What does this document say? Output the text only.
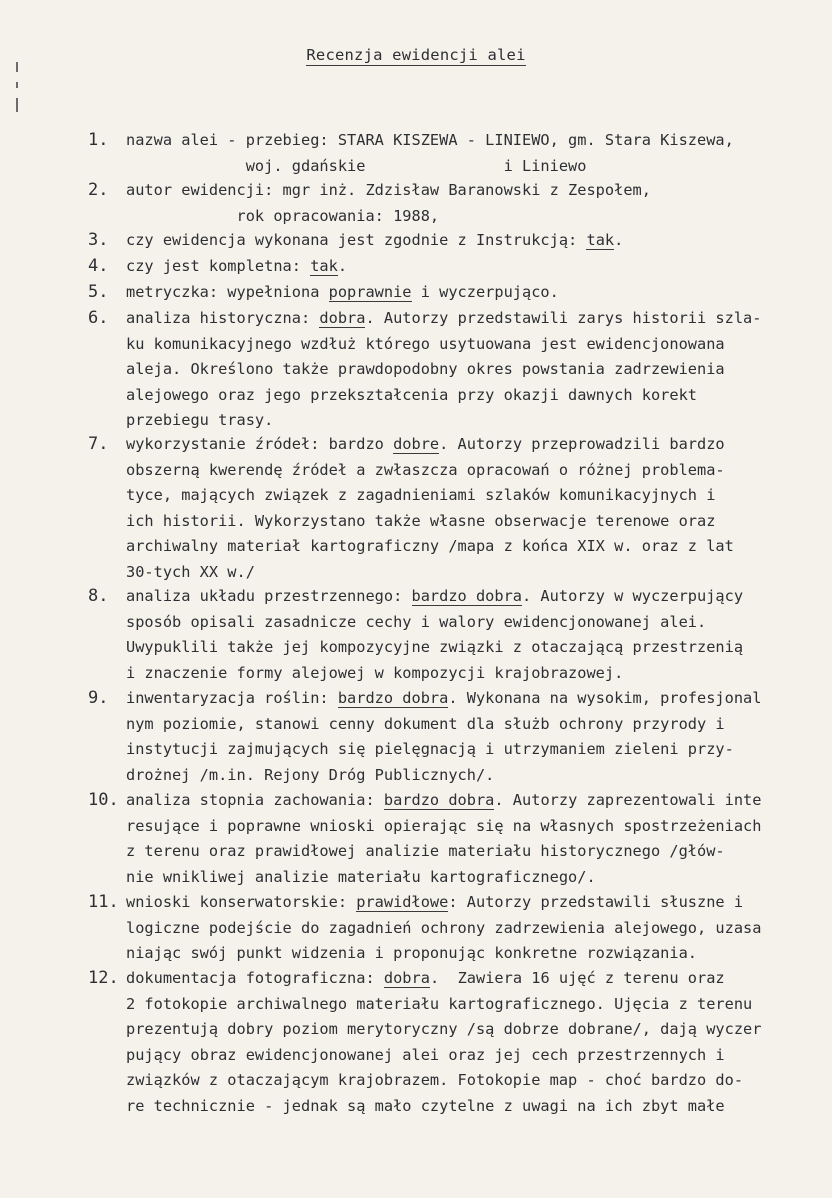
Recenzja ewidencji alei
1.	nazwa alei - przebieg: STARA KISZEWA - LINIEWO, gm. Stara Kiszewa,
woj. gdańskie               i Liniewo
2.	autor ewidencji: mgr inż. Zdzisław Baranowski z Zespołem,
rok opracowania: 1988,
3.	czy ewidencja wykonana jest zgodnie z Instrukcją: tak.
4.	czy jest kompletna: tak.
5.	metryczka: wypełniona poprawnie i wyczerpująco.
6.	analiza historyczna: dobra. Autorzy przedstawili zarys historii szla-
ku komunikacyjnego wzdłuż którego usytuowana jest ewidencjonowana
aleja. Określono także prawdopodobny okres powstania zadrzewienia
alejowego oraz jego przekształcenia przy okazji dawnych korekt
przebiegu trasy.
7.	wykorzystanie źródeł: bardzo dobre. Autorzy przeprowadzili bardzo
obszerną kwerendę źródeł a zwłaszcza opracowań o różnej problema-
tyce, mających związek z zagadnieniami szlaków komunikacyjnych i
ich historii. Wykorzystano także własne obserwacje terenowe oraz
archiwalny materiał kartograficzny /mapa z końca XIX w. oraz z lat
30-tych XX w./
8.	analiza układu przestrzennego: bardzo dobra. Autorzy w wyczerpujący
sposób opisali zasadnicze cechy i walory ewidencjonowanej alei.
Uwypuklili także jej kompozycyjne związki z otaczającą przestrzenią
i znaczenie formy alejowej w kompozycji krajobrazowej.
9.	inwentaryzacja roślin: bardzo dobra. Wykonana na wysokim, profesjonal
nym poziomie, stanowi cenny dokument dla służb ochrony przyrody i
instytucji zajmujących się pielęgnacją i utrzymaniem zieleni przy-
drożnej /m.in. Rejony Dróg Publicznych/.
10. analiza stopnia zachowania: bardzo dobra. Autorzy zaprezentowali inte
resujące i poprawne wnioski opierając się na własnych spostrzeżeniach
z terenu oraz prawidłowej analizie materiału historycznego /głów-
nie wnikliwej analizie materiału kartograficznego/.
11. wnioski konserwatorskie: prawidłowe: Autorzy przedstawili słuszne i
logiczne podejście do zagadnień ochrony zadrzewienia alejowego, uzasa
niając swój punkt widzenia i proponując konkretne rozwiązania.
12. dokumentacja fotograficzna: dobra.  Zawiera 16 ujęć z terenu oraz
2 fotokopie archiwalnego materiału kartograficznego. Ujęcia z terenu
prezentują dobry poziom merytoryczny /są dobrze dobrane/, dają wyczer
pujący obraz ewidencjonowanej alei oraz jej cech przestrzennych i
związków z otaczającym krajobrazem. Fotokopie map - choć bardzo do-
re technicznie - jednak są mało czytelne z uwagi na ich zbyt małe
